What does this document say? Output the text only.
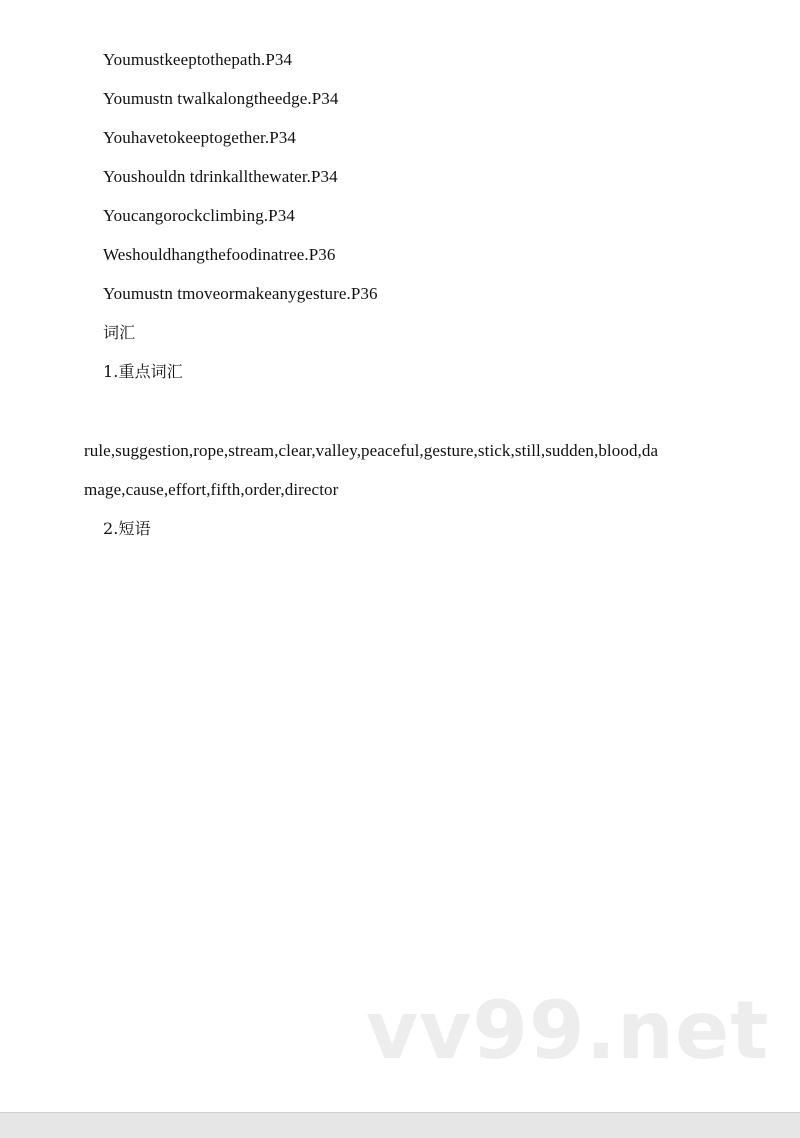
Youmustkeeptothepath.P34
Youmustn twalkalongtheedge.P34
Youhavetokeeptogether.P34
Youshouldn tdrinkallthewater.P34
Youcangorockclimbing.P34
Weshouldhangthefoodinatree.P36
Youmustn tmoveormakeanygesture.P36
词汇
1.重点词汇
rule,suggestion,rope,stream,clear,valley,peaceful,gesture,stick,still,sudden,blood,da
mage,cause,effort,fifth,order,director
2.短语
vv99.net
